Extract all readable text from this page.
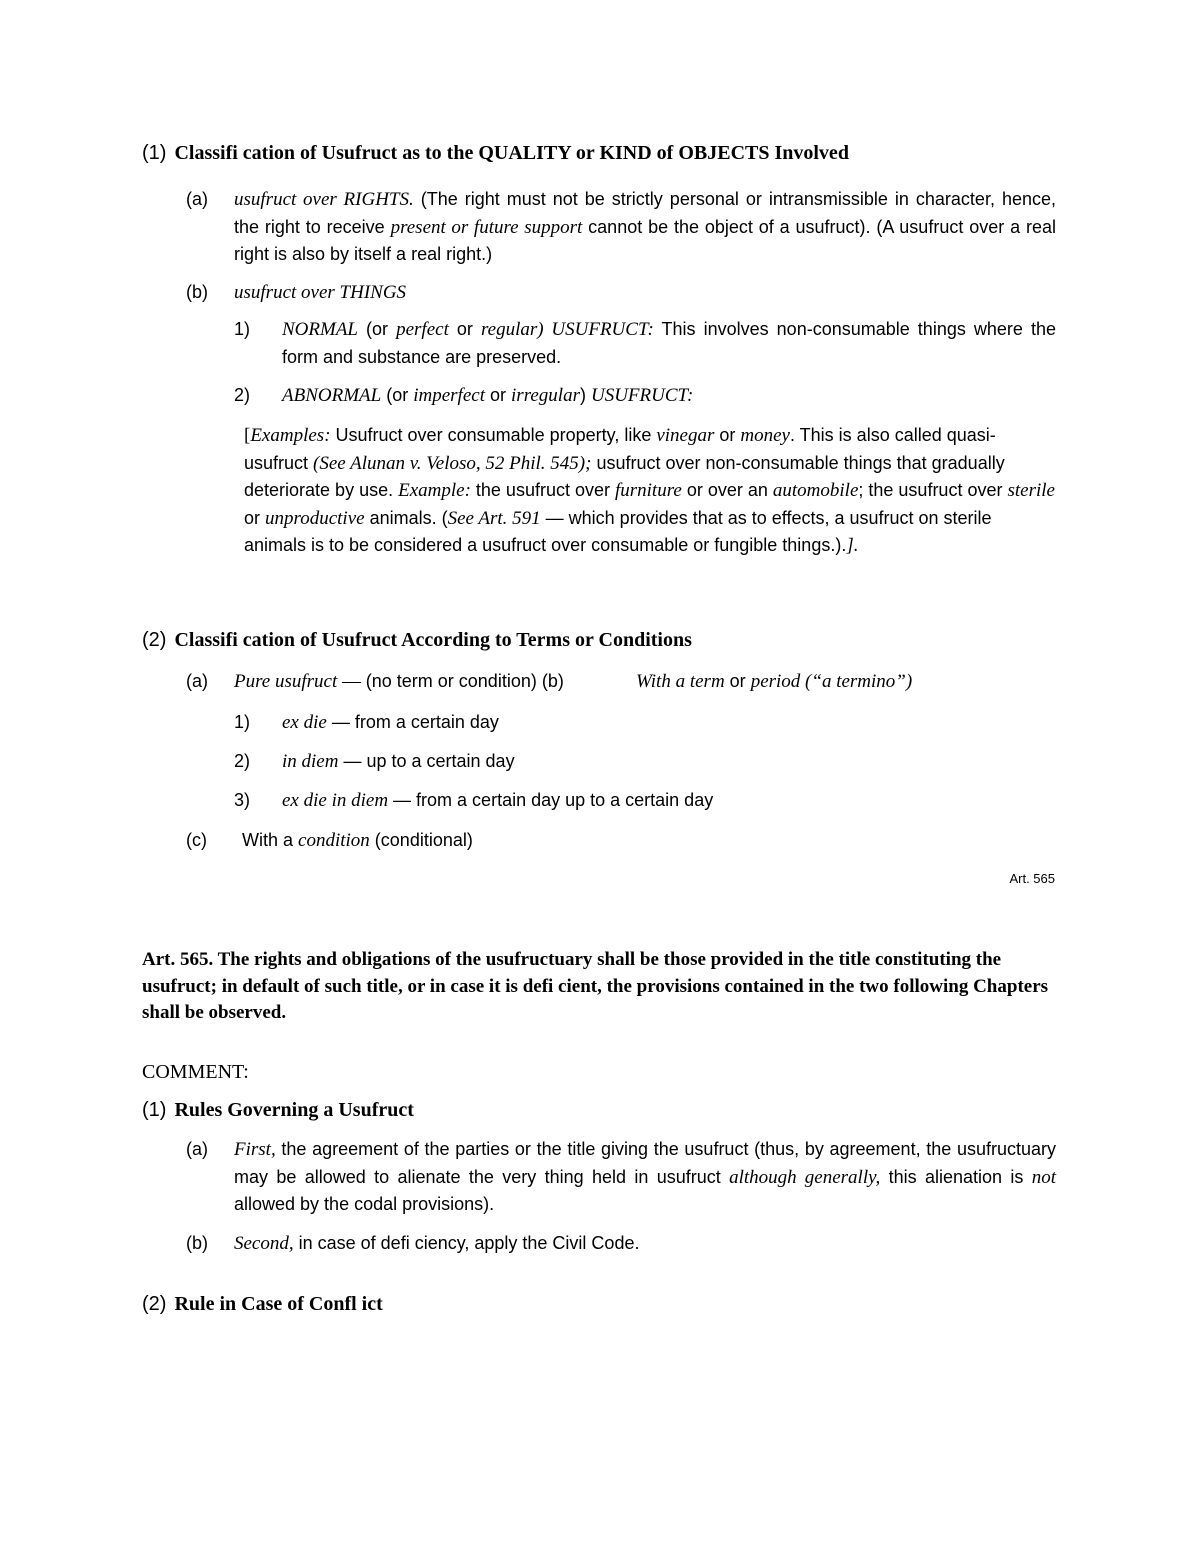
(1) Classifi cation of Usufruct as to the QUALITY or KIND of OBJECTS Involved
(a) usufruct over RIGHTS. (The right must not be strictly personal or intransmissible in character, hence, the right to receive present or future support cannot be the object of a usufruct). (A usufruct over a real right is also by itself a real right.)
(b) usufruct over THINGS
1) NORMAL (or perfect or regular) USUFRUCT: This involves non-consumable things where the form and substance are preserved.
2) ABNORMAL (or imperfect or irregular) USUFRUCT:
[Examples: Usufruct over consumable property, like vinegar or money. This is also called quasi-usufruct (See Alunan v. Veloso, 52 Phil. 545); usufruct over non-consumable things that gradually deteriorate by use. Example: the usufruct over furniture or over an automobile; the usufruct over sterile or unproductive animals. (See Art. 591 — which provides that as to effects, a usufruct on sterile animals is to be considered a usufruct over consumable or fungible things.).].
(2) Classifi cation of Usufruct According to Terms or Conditions
(a) Pure usufruct — (no term or condition) (b)	With a term or period (“a termino”)
1) ex die — from a certain day
2) in diem — up to a certain day
3) ex die in diem — from a certain day up to a certain day
(c) With a condition (conditional)
Art. 565
Art. 565. The rights and obligations of the usufructuary shall be those provided in the title constituting the usufruct; in default of such title, or in case it is defi cient, the provisions contained in the two following Chapters shall be observed.
COMMENT:
(1) Rules Governing a Usufruct
(a) First, the agreement of the parties or the title giving the usufruct (thus, by agreement, the usufructuary may be allowed to alienate the very thing held in usufruct although generally, this alienation is not allowed by the codal provisions).
(b) Second, in case of defi ciency, apply the Civil Code.
(2) Rule in Case of Confl ict
